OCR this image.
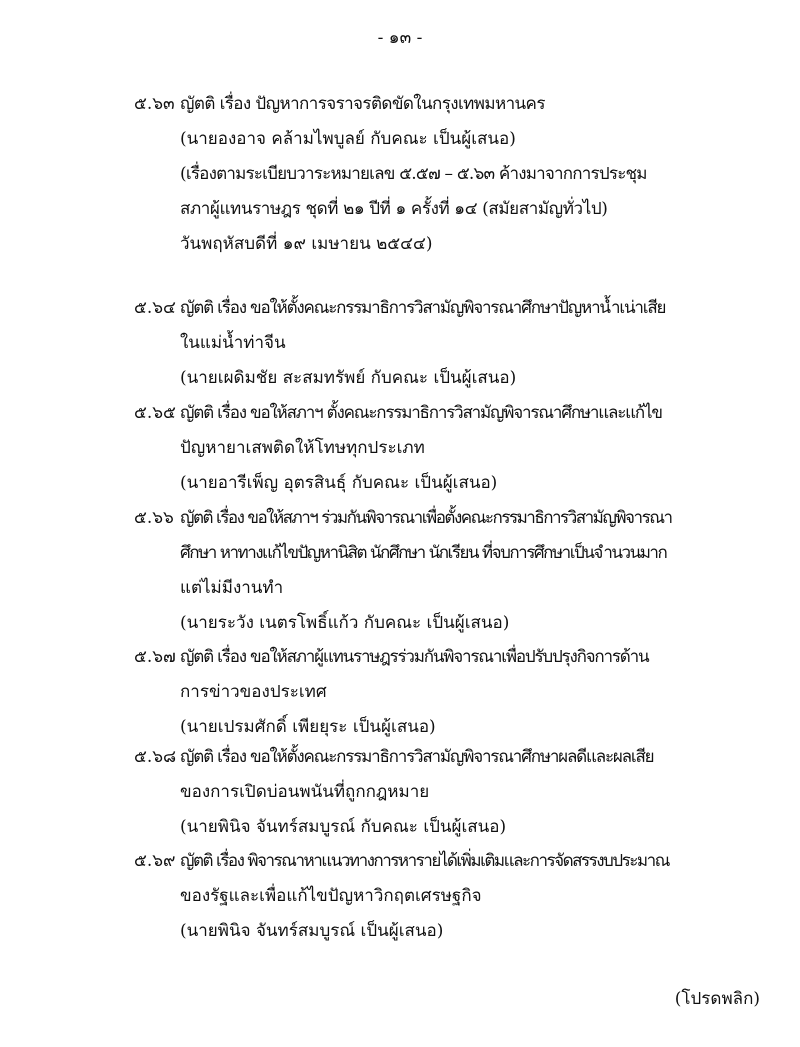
- ๑๓ -
๕.๖๓ ญัตติ เรื่อง ปัญหาการจราจรติดขัดในกรุงเทพมหานคร
(นายองอาจ คล้ามไพบูลย์ กับคณะ เป็นผู้เสนอ)
(เรื่องตามระเบียบวาระหมายเลข ๕.๕๗ – ๕.๖๓ ค้างมาจากการประชุม
สภาผู้แทนราษฎร ชุดที่ ๒๑ ปีที่ ๑ ครั้งที่ ๑๔ (สมัยสามัญทั่วไป)
วันพฤหัสบดีที่ ๑๙ เมษายน ๒๕๔๔)
๕.๖๔ ญัตติ เรื่อง ขอให้ตั้งคณะกรรมาธิการวิสามัญพิจารณาศึกษาปัญหาน้ำเน่าเสีย
ในแม่น้ำท่าจีน
(นายเผดิมชัย สะสมทรัพย์ กับคณะ เป็นผู้เสนอ)
๕.๖๕ ญัตติ เรื่อง ขอให้สภาฯ ตั้งคณะกรรมาธิการวิสามัญพิจารณาศึกษาและแก้ไข
ปัญหายาเสพติดให้โทษทุกประเภท
(นายอารีเพ็ญ อุตรสินธุ์ กับคณะ เป็นผู้เสนอ)
๕.๖๖ ญัตติ เรื่อง ขอให้สภาฯ ร่วมกันพิจารณาเพื่อตั้งคณะกรรมาธิการวิสามัญพิจารณา
ศึกษา หาทางแก้ไขปัญหานิสิต นักศึกษา นักเรียน ที่จบการศึกษาเป็นจำนวนมาก
แต่ไม่มีงานทำ
(นายระวัง เนตรโพธิ์แก้ว กับคณะ เป็นผู้เสนอ)
๕.๖๗ ญัตติ เรื่อง ขอให้สภาผู้แทนราษฎรร่วมกันพิจารณาเพื่อปรับปรุงกิจการด้าน
การข่าวของประเทศ
(นายเปรมศักดิ์ เพียยุระ เป็นผู้เสนอ)
๕.๖๘ ญัตติ เรื่อง ขอให้ตั้งคณะกรรมาธิการวิสามัญพิจารณาศึกษาผลดีและผลเสีย
ของการเปิดบ่อนพนันที่ถูกกฎหมาย
(นายพินิจ จันทร์สมบูรณ์ กับคณะ เป็นผู้เสนอ)
๕.๖๙ ญัตติ เรื่อง พิจารณาหาแนวทางการหารายได้เพิ่มเติมและการจัดสรรงบประมาณ
ของรัฐและเพื่อแก้ไขปัญหาวิกฤตเศรษฐกิจ
(นายพินิจ จันทร์สมบูรณ์ เป็นผู้เสนอ)
(โปรดพลิก)
